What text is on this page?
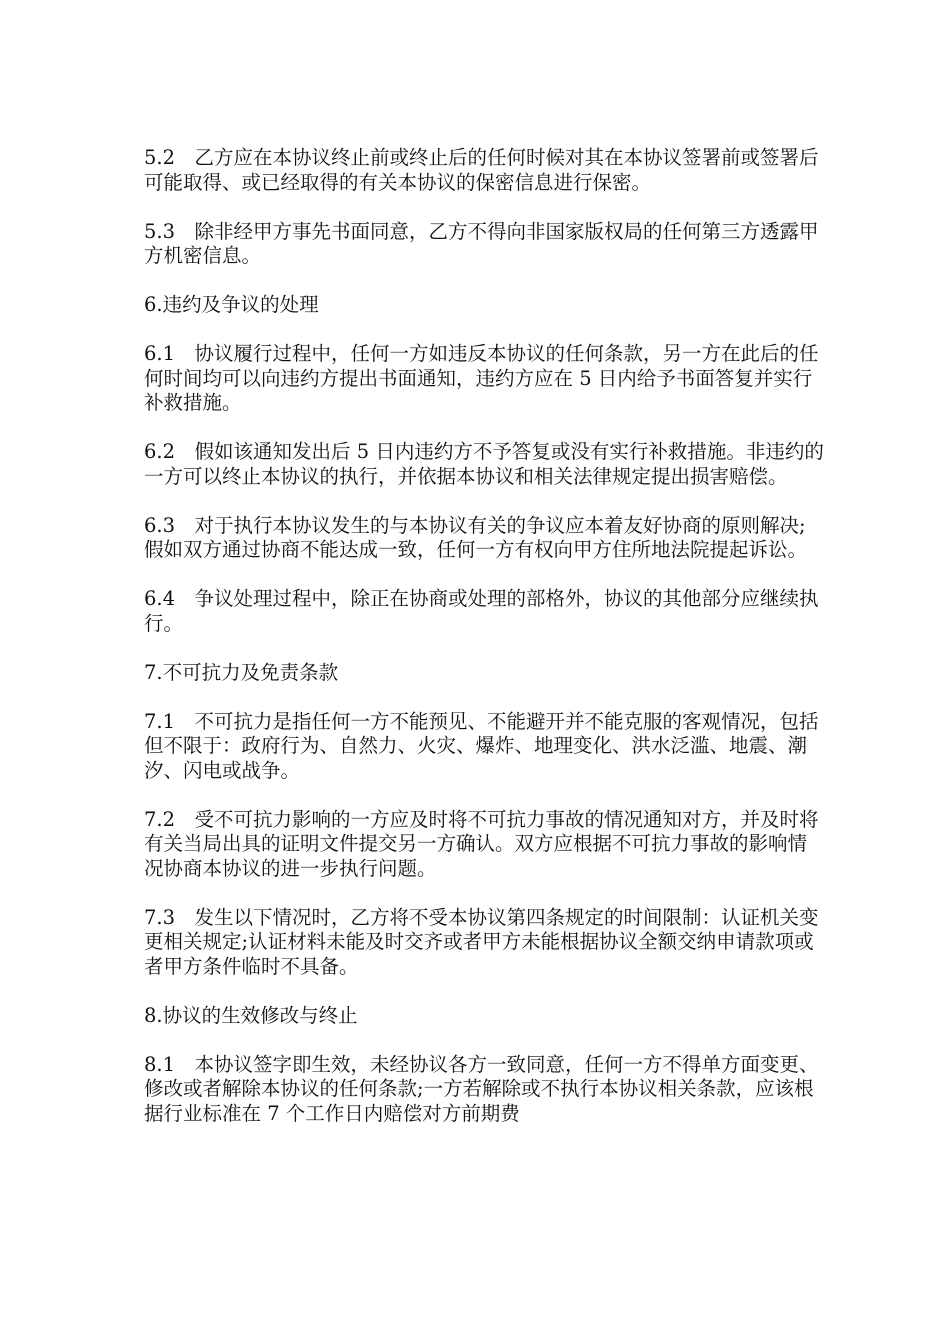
5.2　乙方应在本协议终止前或终止后的任何时候对其在本协议签署前或签署后可能取得、或已经取得的有关本协议的保密信息进行保密。

5.3　除非经甲方事先书面同意，乙方不得向非国家版权局的任何第三方透露甲方机密信息。

6.违约及争议的处理

6.1　协议履行过程中，任何一方如违反本协议的任何条款，另一方在此后的任何时间均可以向违约方提出书面通知，违约方应在 5 日内给予书面答复并实行补救措施。

6.2　假如该通知发出后 5 日内违约方不予答复或没有实行补救措施。非违约的一方可以终止本协议的执行，并依据本协议和相关法律规定提出损害赔偿。

6.3　对于执行本协议发生的与本协议有关的争议应本着友好协商的原则解决;假如双方通过协商不能达成一致，任何一方有权向甲方住所地法院提起诉讼。

6.4　争议处理过程中，除正在协商或处理的部格外，协议的其他部分应继续执行。

7.不可抗力及免责条款

7.1　不可抗力是指任何一方不能预见、不能避开并不能克服的客观情况，包括但不限于：政府行为、自然力、火灾、爆炸、地理变化、洪水泛滥、地震、潮汐、闪电或战争。

7.2　受不可抗力影响的一方应及时将不可抗力事故的情况通知对方，并及时将有关当局出具的证明文件提交另一方确认。双方应根据不可抗力事故的影响情况协商本协议的进一步执行问题。

7.3　发生以下情况时，乙方将不受本协议第四条规定的时间限制：认证机关变更相关规定;认证材料未能及时交齐或者甲方未能根据协议全额交纳申请款项或者甲方条件临时不具备。

8.协议的生效修改与终止

8.1　本协议签字即生效，未经协议各方一致同意，任何一方不得单方面变更、修改或者解除本协议的任何条款;一方若解除或不执行本协议相关条款，应该根据行业标准在 7 个工作日内赔偿对方前期费
